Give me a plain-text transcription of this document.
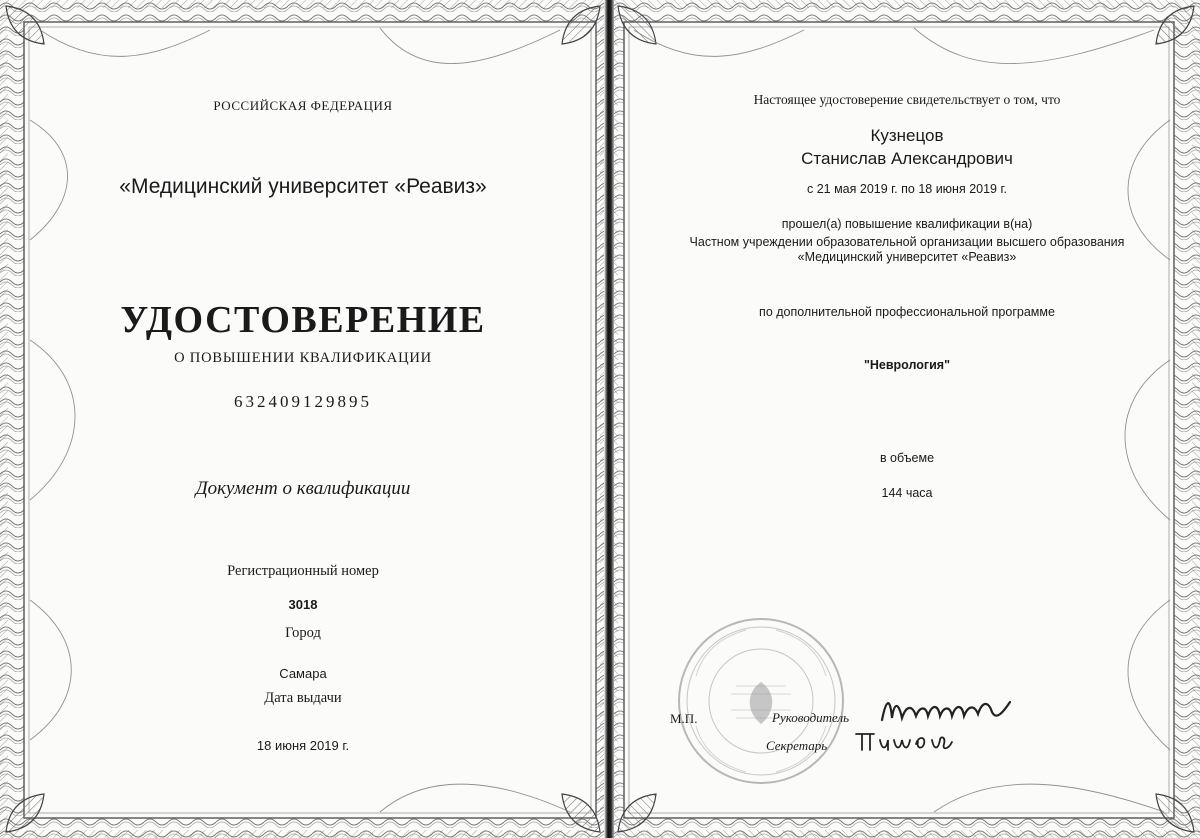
РОССИЙСКАЯ ФЕДЕРАЦИЯ
«Медицинский университет «Реавиз»
УДОСТОВЕРЕНИЕ
О ПОВЫШЕНИИ КВАЛИФИКАЦИИ
632409129895
Документ о квалификации
Регистрационный номер
3018
Город
Самара
Дата выдачи
18 июня 2019 г.
Настоящее удостоверение свидетельствует о том, что
Кузнецов
Станислав Александрович
с 21 мая 2019 г. по 18 июня 2019 г.
прошел(а) повышение квалификации в(на)
Частном учреждении образовательной организации высшего образования
«Медицинский университет «Реавиз»
по дополнительной профессиональной программе
"Неврология"
в объеме
144 часа
М.П.	Руководитель
Секретарь
